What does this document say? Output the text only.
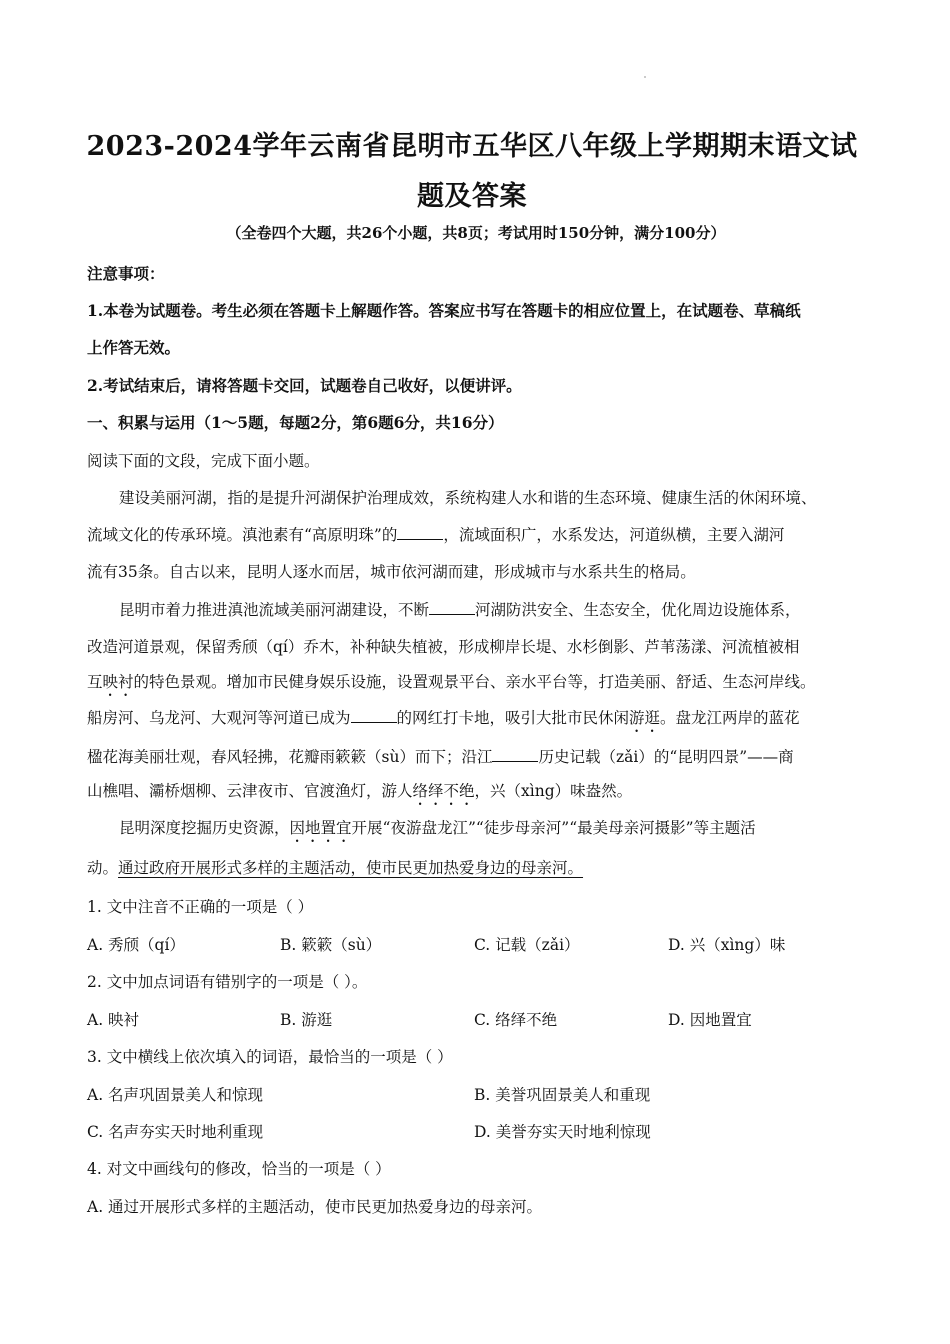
2023-2024学年云南省昆明市五华区八年级上学期期末语文试题及答案
（全卷四个大题，共26个小题，共8页；考试用时150分钟，满分100分）
注意事项：
1.本卷为试题卷。考生必须在答题卡上解题作答。答案应书写在答题卡的相应位置上，在试题卷、草稿纸
上作答无效。
2.考试结束后，请将答题卡交回，试题卷自己收好，以便讲评。
一、积累与运用（1～5题，每题2分，第6题6分，共16分）
阅读下面的文段，完成下面小题。
建设美丽河湖，指的是提升河湖保护治理成效，系统构建人水和谐的生态环境、健康生活的休闲环境、
流域文化的传承环境。滇池素有“高原明珠”的	，流域面积广，水系发达，河道纵横，主要入湖河
流有35条。自古以来，昆明人逐水而居，城市依河湖而建，形成城市与水系共生的格局。
昆明市着力推进滇池流域美丽河湖建设，不断	河湖防洪安全、生态安全，优化周边设施体系，
改造河道景观，保留秀颀（qí）乔木，补种缺失植被，形成柳岸长堤、水杉倒影、芦苇荡漾、河流植被相
互映衬的特色景观。增加市民健身娱乐设施，设置观景平台、亲水平台等，打造美丽、舒适、生态河岸线。
船房河、乌龙河、大观河等河道已成为	的网红打卡地，吸引大批市民休闲游逛。盘龙江两岸的蓝花
楹花海美丽壮观，春风轻拂，花瓣雨簌簌（sù）而下；沿江	历史记载（zǎi）的“昆明四景”——商
山樵唱、灞桥烟柳、云津夜市、官渡渔灯，游人络绎不绝，兴（xìng）味盎然。
昆明深度挖掘历史资源，因地置宜开展“夜游盘龙江”“徒步母亲河”“最美母亲河摄影”等主题活
动。通过政府开展形式多样的主题活动，使市民更加热爱身边的母亲河。
1. 文中注音不正确的一项是（ ）
A. 秀颀（qí）	B. 簌簌（sù）	C. 记载（zǎi）	D. 兴（xìng）味
2. 文中加点词语有错别字的一项是（ ）。
A. 映衬	B. 游逛	C. 络绎不绝	D. 因地置宜
3. 文中横线上依次填入的词语，最恰当的一项是（ ）
A. 名声巩固景美人和惊现	B. 美誉巩固景美人和重现
C. 名声夯实天时地利重现	D. 美誉夯实天时地利惊现
4. 对文中画线句的修改，恰当的一项是（ ）
A. 通过开展形式多样的主题活动，使市民更加热爱身边的母亲河。
